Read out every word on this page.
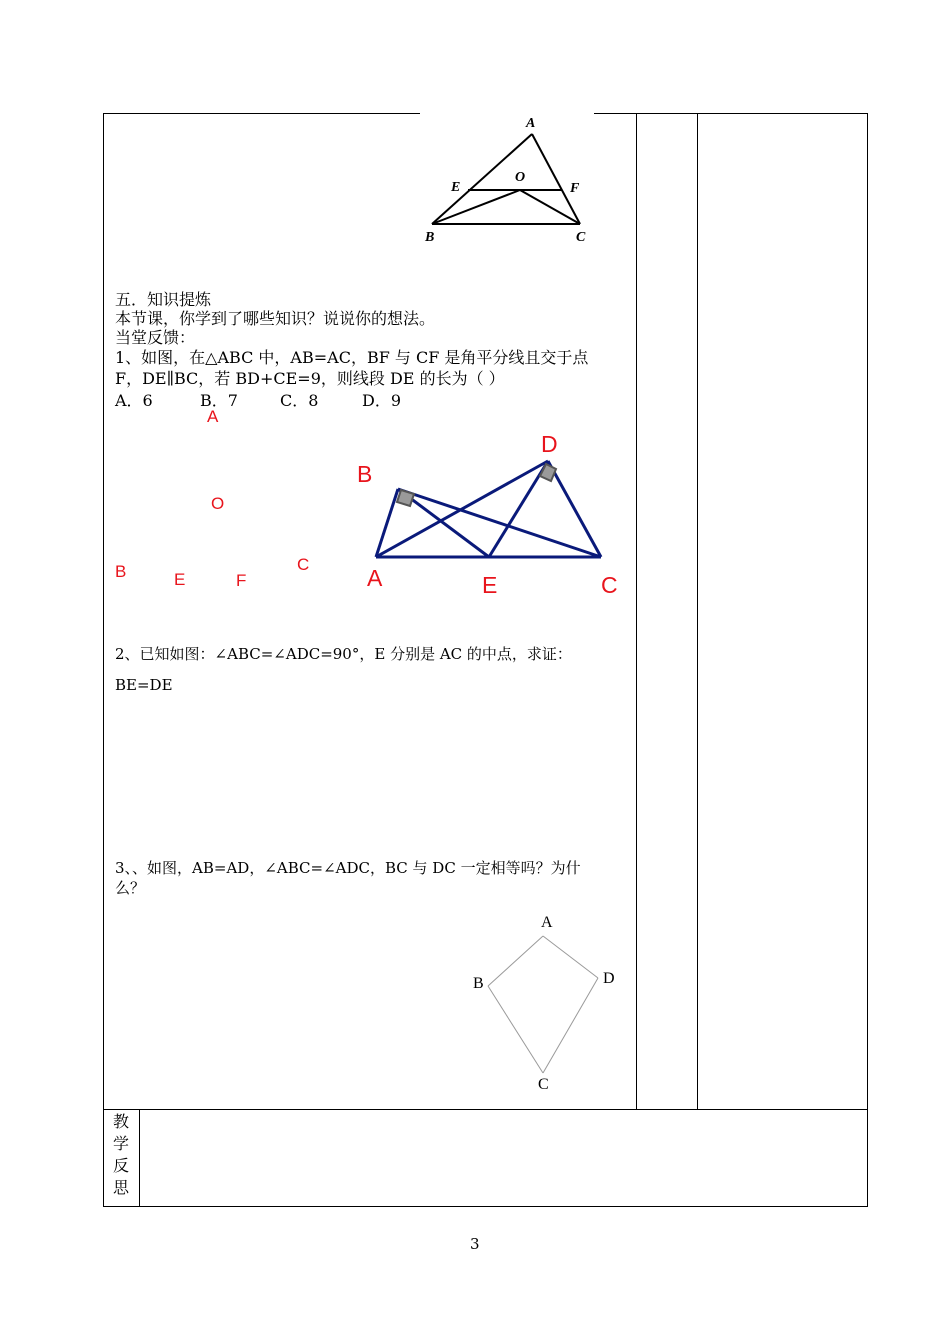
A
E
O
F
B	C
五．知识提炼
本节课，你学到了哪些知识？说说你的想法。
当堂反馈：
1、如图，在△ABC 中，AB=AC，BF 与 CF 是角平分线且交于点
F，DE∥BC，若 BD+CE=9，则线段 DE 的长为（ ）
A．6	B．7	C．8	D．9
A
O
B	E	F
C
B
D
A	E	C
2、已知如图：∠ABC=∠ADC=90°，E 分别是 AC 的中点，求证：
BE=DE
3、、如图，AB=AD，∠ABC=∠ADC，BC 与 DC 一定相等吗？为什
么？
A
B	D
C
教
学
反
思
3
